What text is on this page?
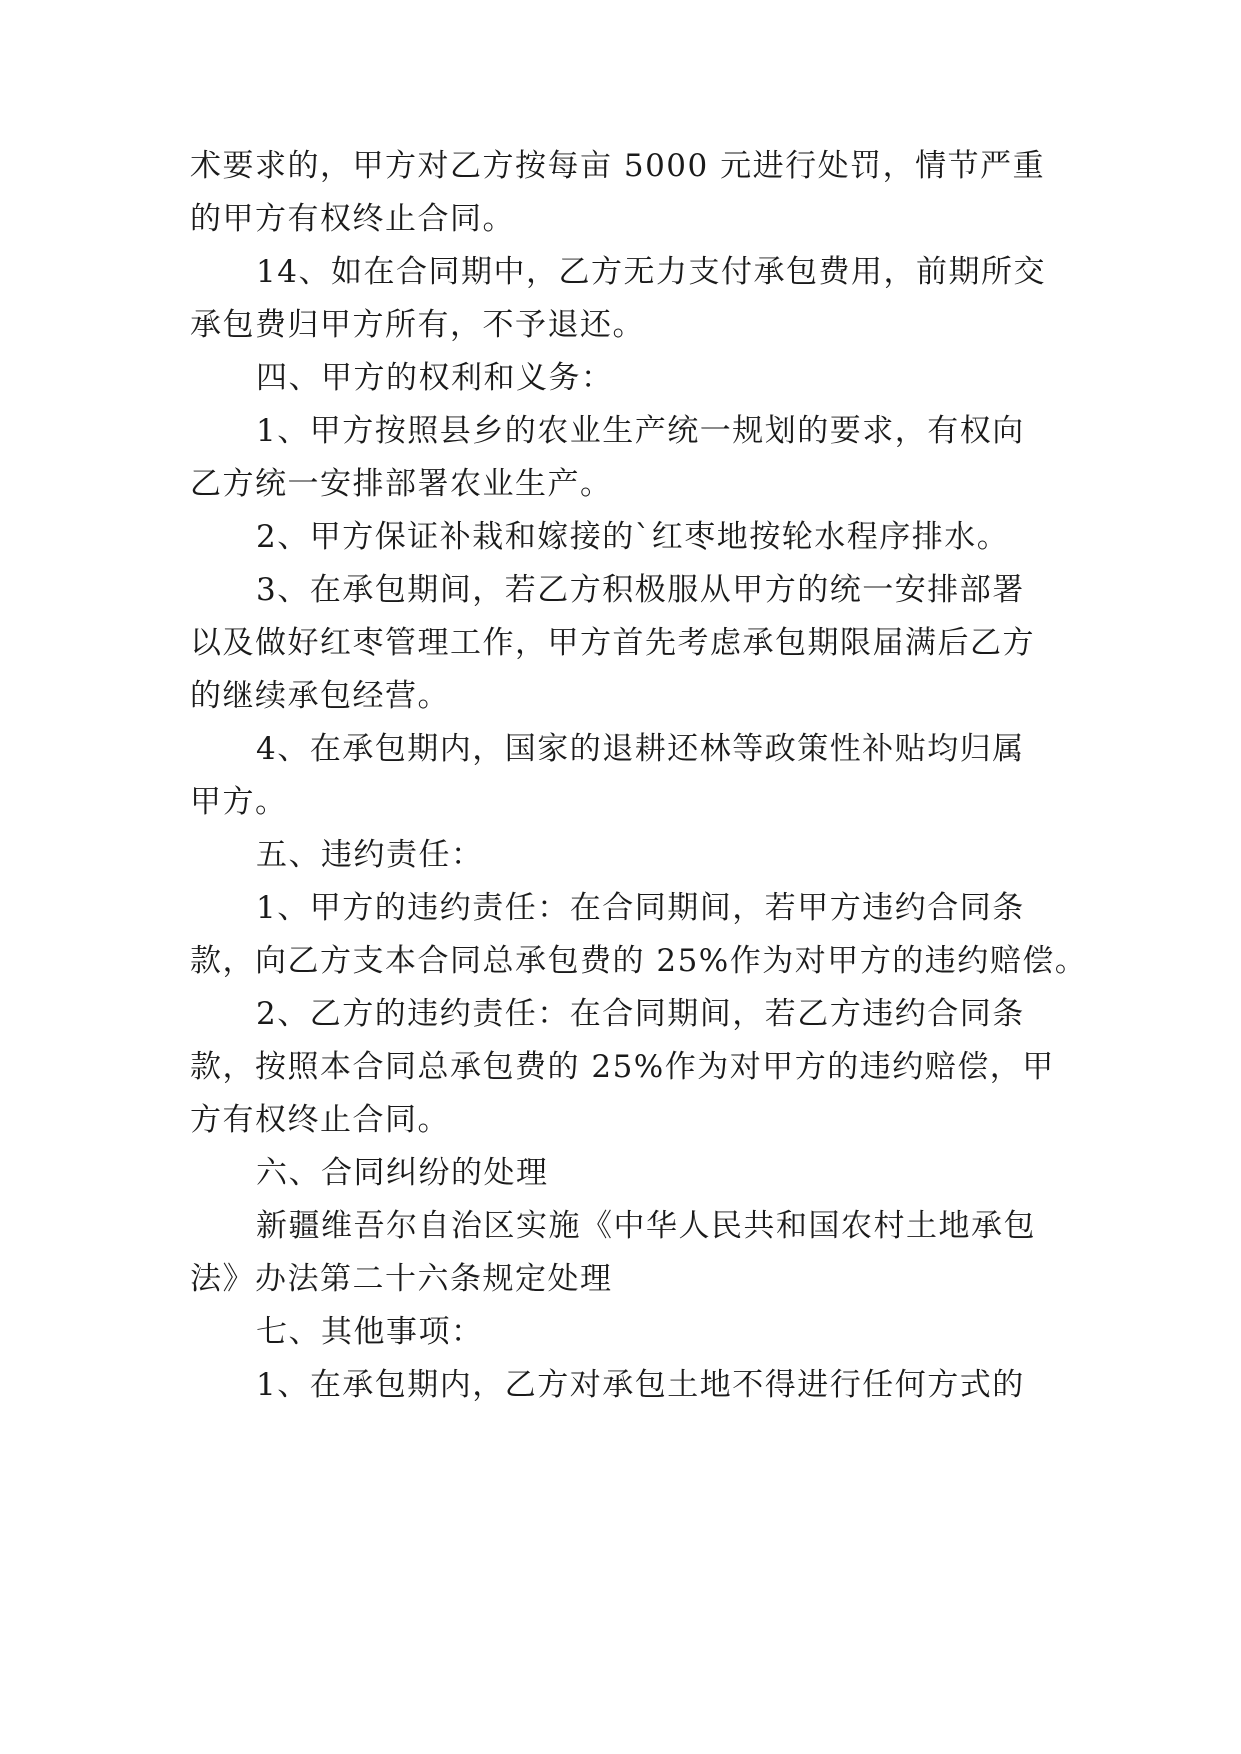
术要求的，甲方对乙方按每亩 5000 元进行处罚，情节严重
的甲方有权终止合同。
14、如在合同期中，乙方无力支付承包费用，前期所交
承包费归甲方所有，不予退还。
四、甲方的权利和义务：
1、甲方按照县乡的农业生产统一规划的要求，有权向
乙方统一安排部署农业生产。
2、甲方保证补栽和嫁接的`红枣地按轮水程序排水。
3、在承包期间，若乙方积极服从甲方的统一安排部署
以及做好红枣管理工作，甲方首先考虑承包期限届满后乙方
的继续承包经营。
4、在承包期内，国家的退耕还林等政策性补贴均归属
甲方。
五、违约责任：
1、甲方的违约责任：在合同期间，若甲方违约合同条
款，向乙方支本合同总承包费的 25%作为对甲方的违约赔偿。
2、乙方的违约责任：在合同期间，若乙方违约合同条
款，按照本合同总承包费的 25%作为对甲方的违约赔偿，甲
方有权终止合同。
六、合同纠纷的处理
新疆维吾尔自治区实施《中华人民共和国农村土地承包
法》办法第二十六条规定处理
七、其他事项：
1、在承包期内，乙方对承包土地不得进行任何方式的
